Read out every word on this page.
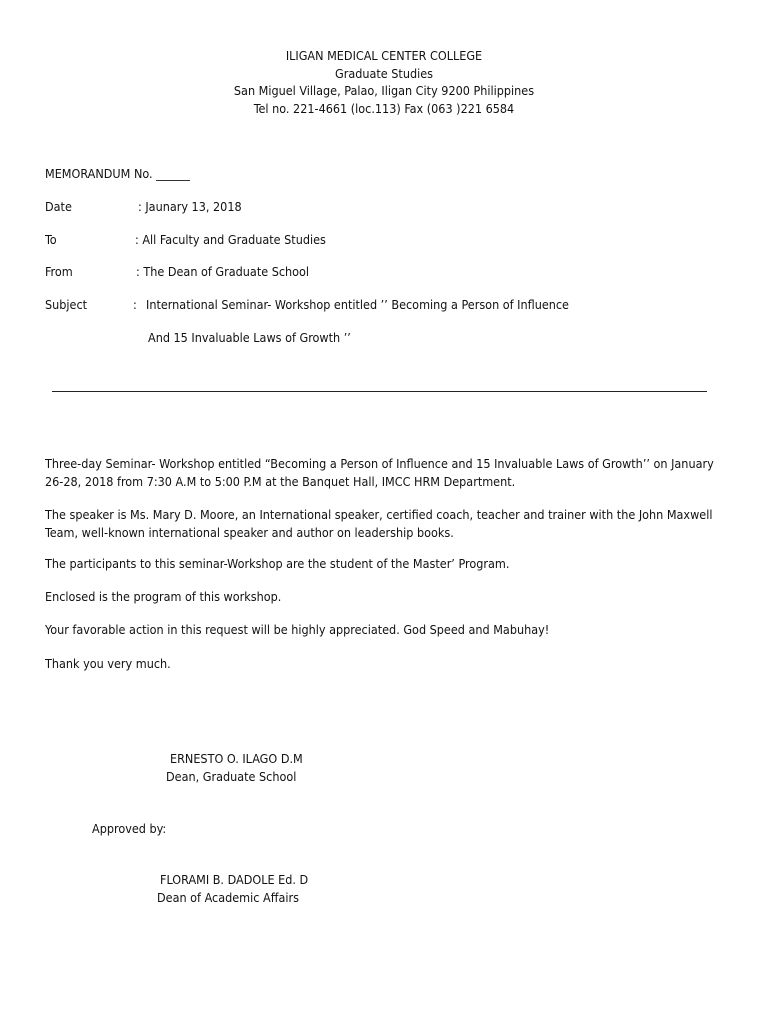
ILIGAN MEDICAL CENTER COLLEGE
Graduate Studies
San Miguel Village, Palao, Iligan City 9200 Philippines
Tel no. 221-4661 (loc.113) Fax (063 )221 6584
MEMORANDUM No. ______
Date	: Jaunary 13, 2018
To	: All Faculty and Graduate Studies
From	: The Dean of Graduate School
Subject	: International Seminar- Workshop entitled ’’ Becoming a Person of Influence
And 15 Invaluable Laws of Growth ’’
Three-day Seminar- Workshop entitled “Becoming a Person of Influence and 15 Invaluable Laws of Growth’’ on January 26-28, 2018 from 7:30 A.M to 5:00 P.M at the Banquet Hall, IMCC HRM Department.
The speaker is Ms. Mary D. Moore, an International speaker, certified coach, teacher and trainer with the John Maxwell Team, well-known international speaker and author on leadership books.
The participants to this seminar-Workshop are the student of the Master’ Program.
Enclosed is the program of this workshop.
Your favorable action in this request will be highly appreciated. God Speed and Mabuhay!
Thank you very much.
ERNESTO O. ILAGO D.M
Dean, Graduate School
Approved by:
FLORAMI B. DADOLE Ed. D
Dean of Academic Affairs
